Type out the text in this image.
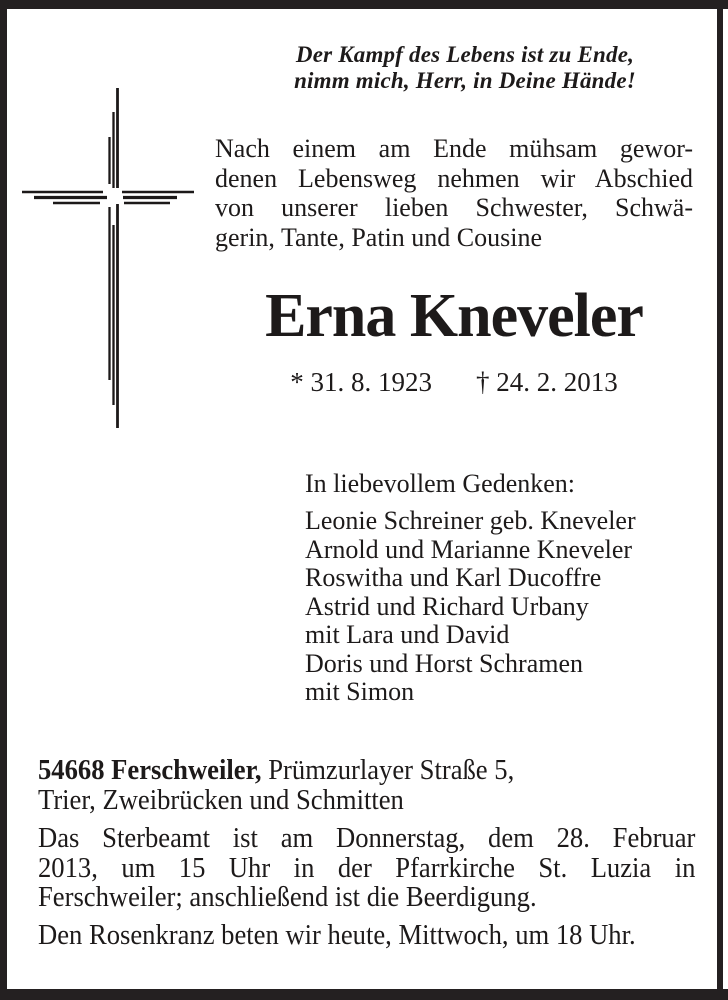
Der Kampf des Lebens ist zu Ende,
nimm mich, Herr, in Deine Hände!
Nach einem am Ende mühsam gewor-
denen Lebensweg nehmen wir Abschied
von unserer lieben Schwester, Schwä-
gerin, Tante, Patin und Cousine
Erna Kneveler
* 31. 8. 1923 † 24. 2. 2013
In liebevollem Gedenken:
Leonie Schreiner geb. Kneveler
Arnold und Marianne Kneveler
Roswitha und Karl Ducoffre
Astrid und Richard Urbany
mit Lara und David
Doris und Horst Schramen
mit Simon
54668 Ferschweiler, Prümzurlayer Straße 5,
Trier, Zweibrücken und Schmitten
Das Sterbeamt ist am Donnerstag, dem 28. Februar
2013, um 15 Uhr in der Pfarrkirche St. Luzia in
Ferschweiler; anschließend ist die Beerdigung.
Den Rosenkranz beten wir heute, Mittwoch, um 18 Uhr.
